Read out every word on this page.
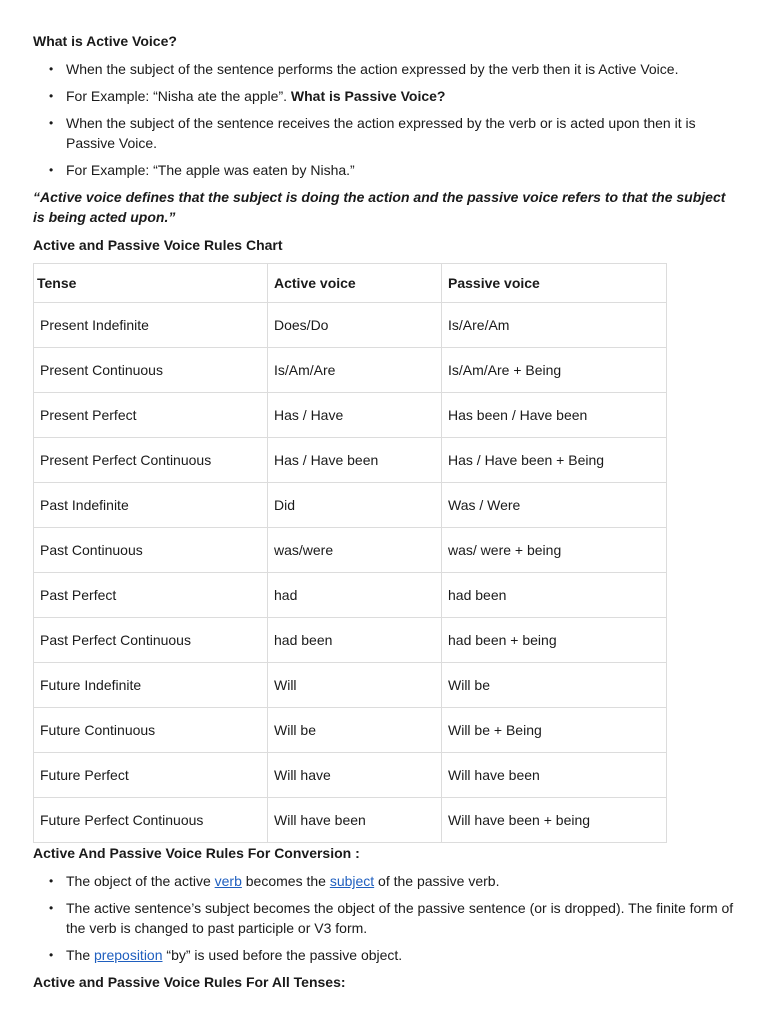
What is Active Voice?

• When the subject of the sentence performs the action expressed by the verb then it is Active Voice.
• For Example: “Nisha ate the apple”. What is Passive Voice?
• When the subject of the sentence receives the action expressed by the verb or is acted upon then it is Passive Voice.
• For Example: “The apple was eaten by Nisha.”

“Active voice defines that the subject is doing the action and the passive voice refers to that the subject is being acted upon.”

Active and Passive Voice Rules Chart

Tense	Active voice	Passive voice
Present Indefinite	Does/Do	Is/Are/Am
Present Continuous	Is/Am/Are	Is/Am/Are + Being
Present Perfect	Has / Have	Has been / Have been
Present Perfect Continuous	Has / Have been	Has / Have been + Being
Past Indefinite	Did	Was / Were
Past Continuous	was/were	was/ were + being
Past Perfect	had	had been
Past Perfect Continuous	had been	had been + being
Future Indefinite	Will	Will be
Future Continuous	Will be	Will be + Being
Future Perfect	Will have	Will have been
Future Perfect Continuous	Will have been	Will have been + being

Active And Passive Voice Rules For Conversion :

• The object of the active verb becomes the subject of the passive verb.
• The active sentence’s subject becomes the object of the passive sentence (or is dropped). The finite form of the verb is changed to past participle or V3 form.
• The preposition “by” is used before the passive object.

Active and Passive Voice Rules For All Tenses:
